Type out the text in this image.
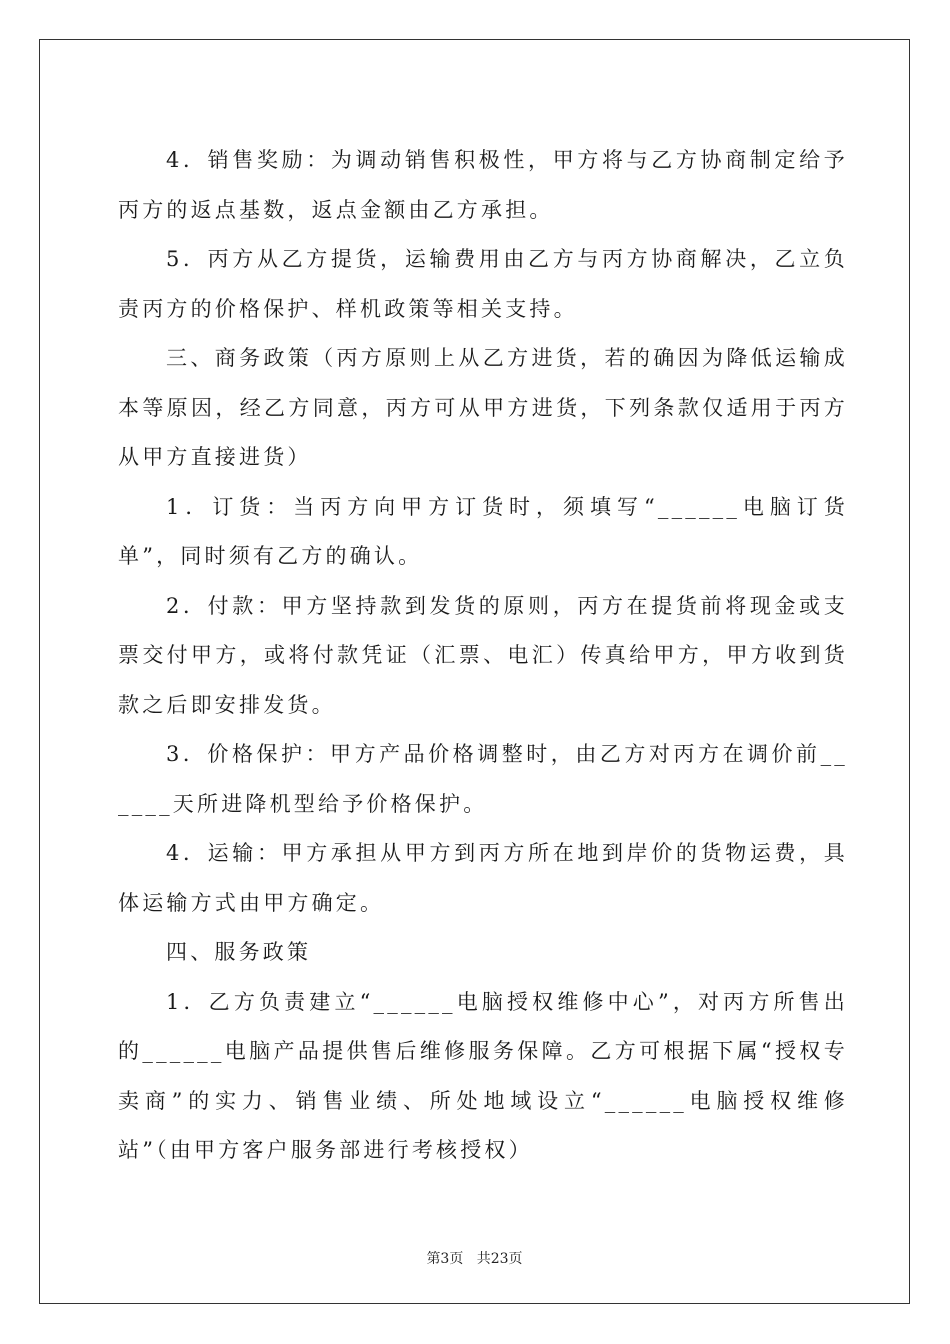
4．销售奖励：为调动销售积极性，甲方将与乙方协商制定给予丙方的返点基数，返点金额由乙方承担。

5．丙方从乙方提货，运输费用由乙方与丙方协商解决，乙立负责丙方的价格保护、样机政策等相关支持。

三、商务政策（丙方原则上从乙方进货，若的确因为降低运输成本等原因，经乙方同意，丙方可从甲方进货，下列条款仅适用于丙方从甲方直接进货）

1．订货：当丙方向甲方订货时，须填写“______电脑订货单”，同时须有乙方的确认。

2．付款：甲方坚持款到发货的原则，丙方在提货前将现金或支票交付甲方，或将付款凭证（汇票、电汇）传真给甲方，甲方收到货款之后即安排发货。

3．价格保护：甲方产品价格调整时，由乙方对丙方在调价前______天所进降机型给予价格保护。

4．运输：甲方承担从甲方到丙方所在地到岸价的货物运费，具体运输方式由甲方确定。

四、服务政策

1．乙方负责建立“______电脑授权维修中心”，对丙方所售出的______电脑产品提供售后维修服务保障。乙方可根据下属“授权专卖商”的实力、销售业绩、所处地域设立“______电脑授权维修站”（由甲方客户服务部进行考核授权）

第3页 共23页
